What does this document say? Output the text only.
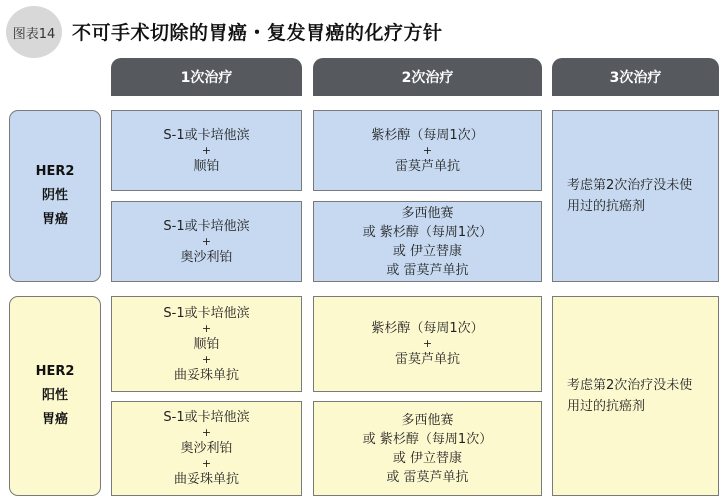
图表14 不可手术切除的胃癌・复发胃癌的化疗方针
1次治疗	2次治疗	3次治疗
HER2
阴性
胃癌
S-1或卡培他滨
+
顺铂
S-1或卡培他滨
+
奥沙利铂
紫杉醇（每周1次）
+
雷莫芦单抗
多西他赛
或 紫杉醇（每周1次）
或 伊立替康
或 雷莫芦单抗
考虑第2次治疗没未使
用过的抗癌剂
HER2
阳性
胃癌
S-1或卡培他滨
+
顺铂
+
曲妥珠单抗
S-1或卡培他滨
+
奥沙利铂
+
曲妥珠单抗
紫杉醇（每周1次）
+
雷莫芦单抗
多西他赛
或 紫杉醇（每周1次）
或 伊立替康
或 雷莫芦单抗
考虑第2次治疗没未使
用过的抗癌剂
